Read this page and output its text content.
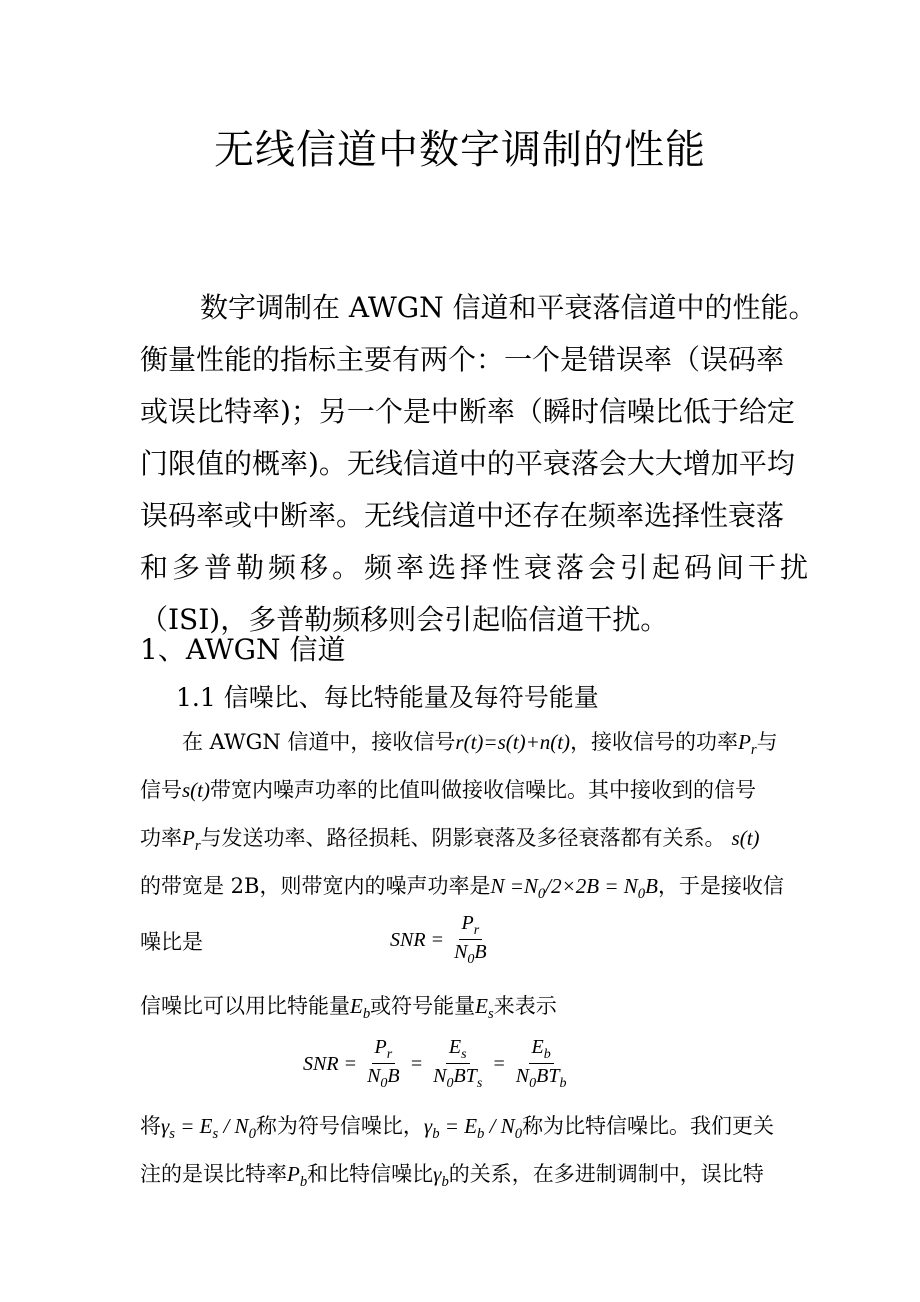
无线信道中数字调制的性能
数字调制在 AWGN 信道和平衰落信道中的性能。
衡量性能的指标主要有两个：一个是错误率（误码率
或误比特率)；另一个是中断率（瞬时信噪比低于给定
门限值的概率)。无线信道中的平衰落会大大增加平均
误码率或中断率。无线信道中还存在频率选择性衰落
和多普勒频移。频率选择性衰落会引起码间干扰
（ISI)，多普勒频移则会引起临信道干扰。
1、AWGN 信道
1.1 信噪比、每比特能量及每符号能量
在 AWGN 信道中，接收信号r(t)=s(t)+n(t)，接收信号的功率$P_r$与
信号s(t)带宽内噪声功率的比值叫做接收信噪比。其中接收到的信号
功率$P_r$与发送功率、路径损耗、阴影衰落及多径衰落都有关系。 s(t)
的带宽是 2B，则带宽内的噪声功率是$N =N_0/2\times 2B = N_0B$，于是接收信
噪比是	SNR = $\frac{P_r}{N_0B}$
信噪比可以用比特能量$E_b$或符号能量$E_s$来表示
SNR = $\frac{P_r}{N_0B} = \frac{E_s}{N_0BT_s} = \frac{E_b}{N_0BT_b}$
将$\gamma_s = E_s / N_0$称为符号信噪比，$\gamma_b = E_b / N_0$称为比特信噪比。我们更关
注的是误比特率$P_b$和比特信噪比$\gamma_b$的关系，在多进制调制中，误比特
